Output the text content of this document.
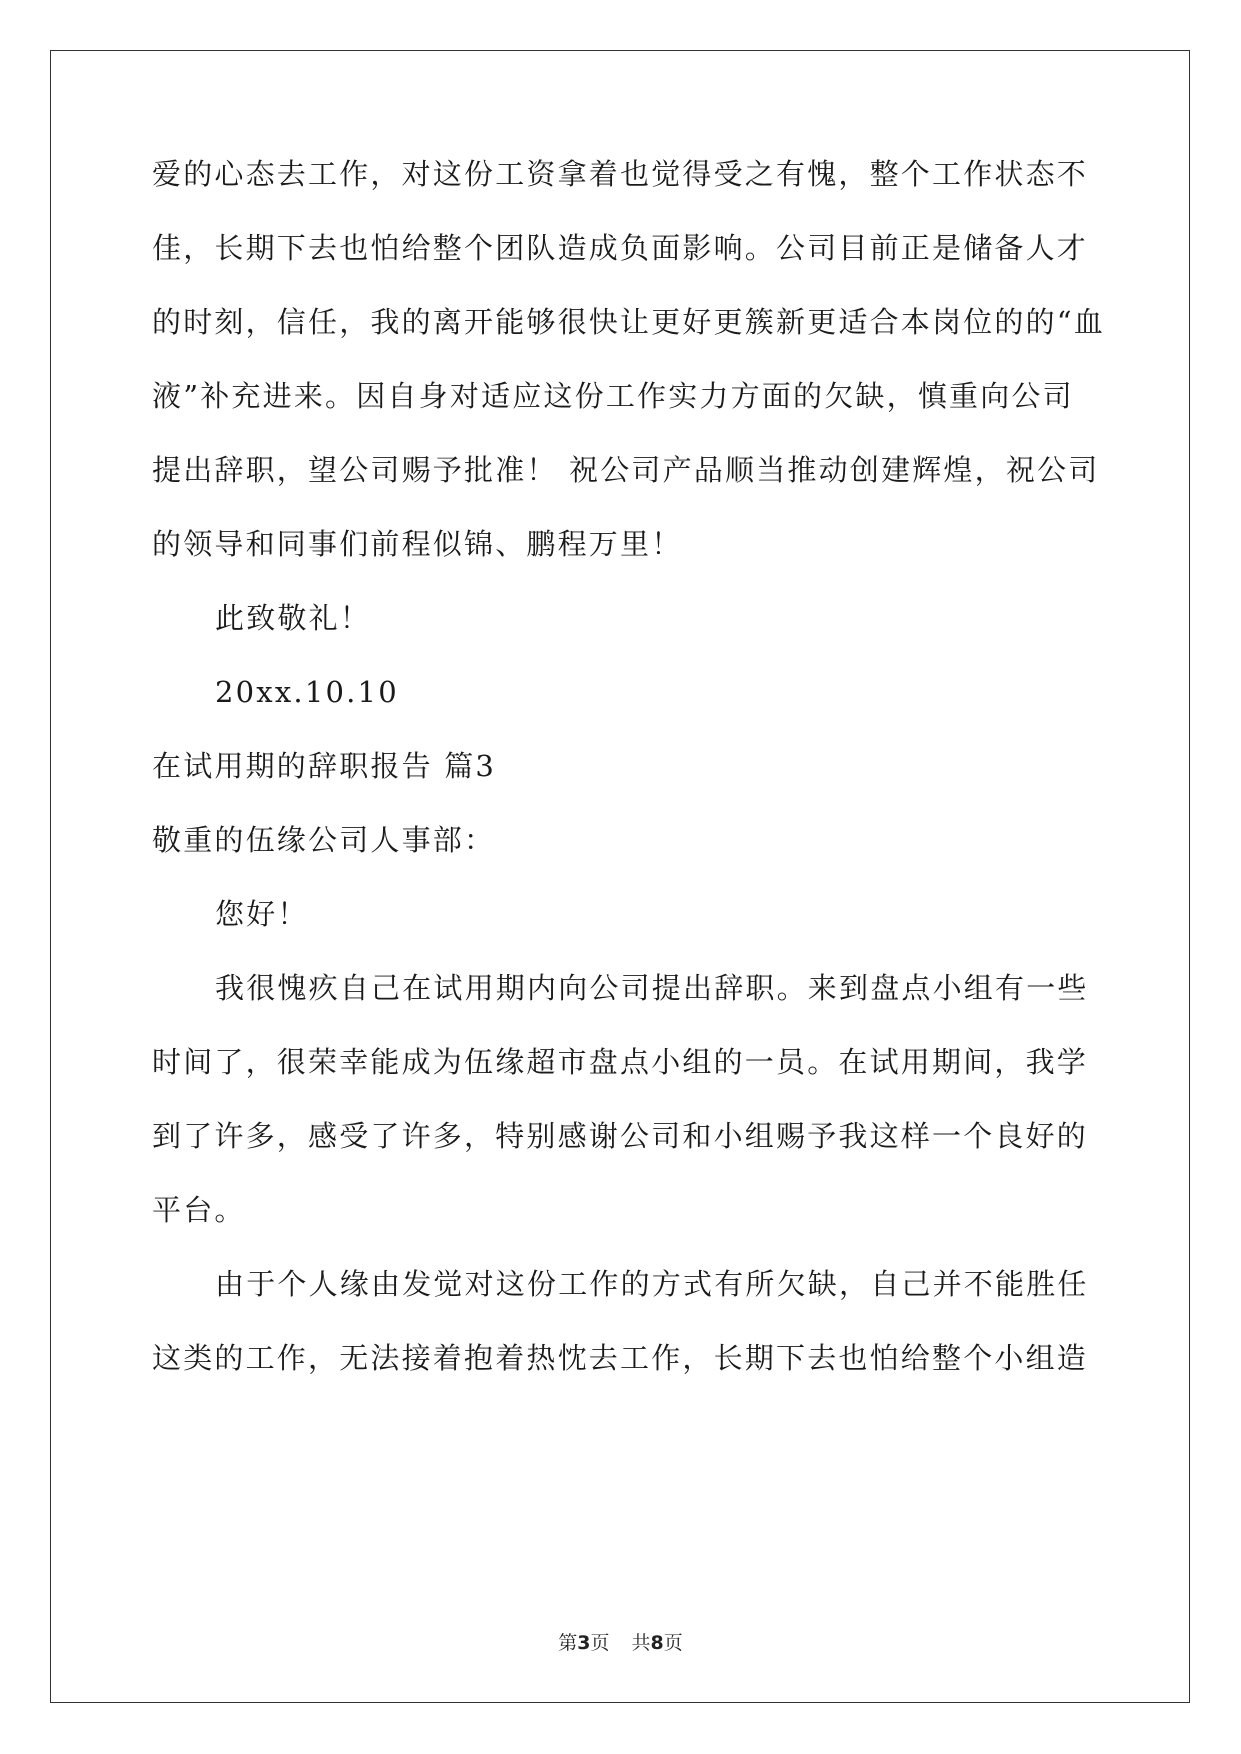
爱的心态去工作，对这份工资拿着也觉得受之有愧，整个工作状态不
佳，长期下去也怕给整个团队造成负面影响。公司目前正是储备人才
的时刻，信任，我的离开能够很快让更好更簇新更适合本岗位的的“血
液”补充进来。因自身对适应这份工作实力方面的欠缺，慎重向公司
提出辞职，望公司赐予批准！ 祝公司产品顺当推动创建辉煌，祝公司
的领导和同事们前程似锦、鹏程万里！
此致敬礼！
20xx.10.10
在试用期的辞职报告 篇3
敬重的伍缘公司人事部：
您好！
我很愧疚自己在试用期内向公司提出辞职。来到盘点小组有一些
时间了，很荣幸能成为伍缘超市盘点小组的一员。在试用期间，我学
到了许多，感受了许多，特别感谢公司和小组赐予我这样一个良好的
平台。
由于个人缘由发觉对这份工作的方式有所欠缺，自己并不能胜任
这类的工作，无法接着抱着热忱去工作，长期下去也怕给整个小组造
第3页 共8页
